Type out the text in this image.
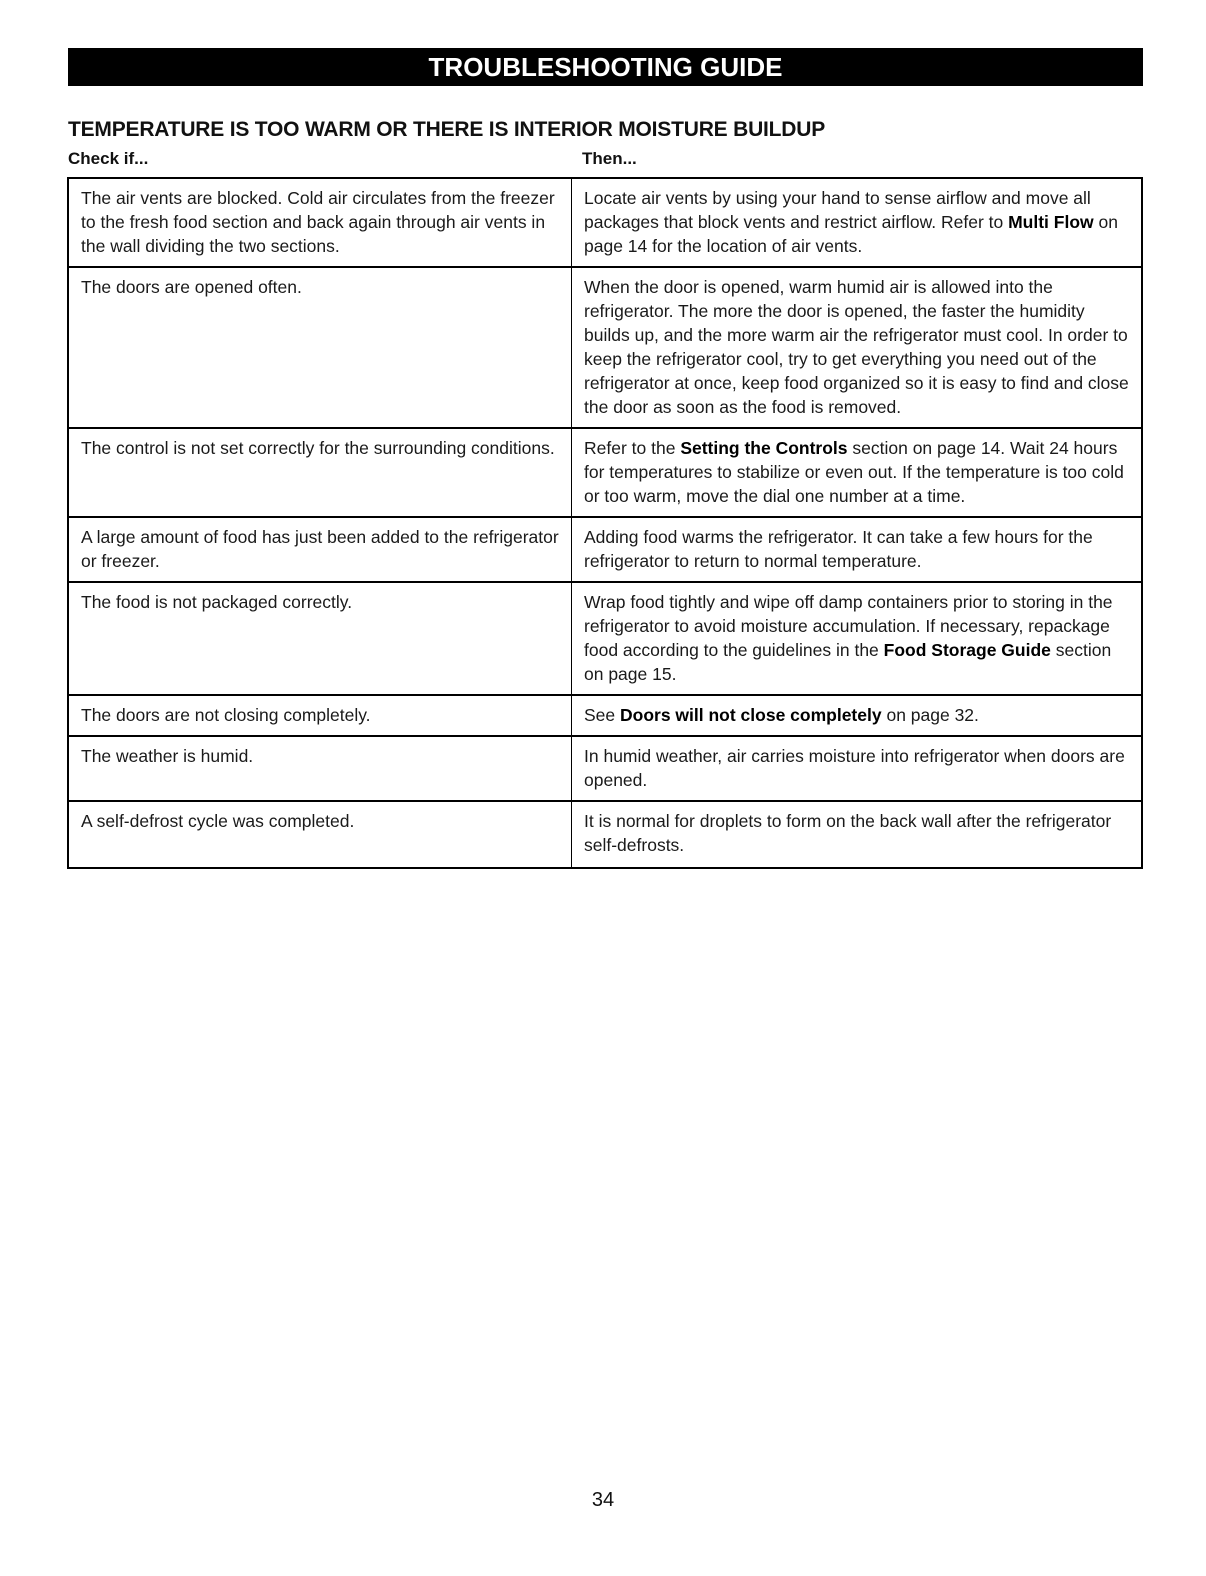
TROUBLESHOOTING GUIDE
TEMPERATURE IS TOO WARM OR THERE IS INTERIOR MOISTURE BUILDUP
Check if...	Then...
The air vents are blocked. Cold air circulates from the freezer to the fresh food section and back again through air vents in the wall dividing the two sections.	Locate air vents by using your hand to sense airflow and move all packages that block vents and restrict airflow. Refer to Multi Flow on page 14 for the location of air vents.
The doors are opened often.	When the door is opened, warm humid air is allowed into the refrigerator. The more the door is opened, the faster the humidity builds up, and the more warm air the refrigerator must cool. In order to keep the refrigerator cool, try to get everything you need out of the refrigerator at once, keep food organized so it is easy to find and close the door as soon as the food is removed.
The control is not set correctly for the surrounding conditions.	Refer to the Setting the Controls section on page 14. Wait 24 hours for temperatures to stabilize or even out. If the temperature is too cold or too warm, move the dial one number at a time.
A large amount of food has just been added to the refrigerator or freezer.	Adding food warms the refrigerator. It can take a few hours for the refrigerator to return to normal temperature.
The food is not packaged correctly.	Wrap food tightly and wipe off damp containers prior to storing in the refrigerator to avoid moisture accumulation. If necessary, repackage food according to the guidelines in the Food Storage Guide section on page 15.
The doors are not closing completely.	See Doors will not close completely on page 32.
The weather is humid.	In humid weather, air carries moisture into refrigerator when doors are opened.
A self-defrost cycle was completed.	It is normal for droplets to form on the back wall after the refrigerator self-defrosts.
34
